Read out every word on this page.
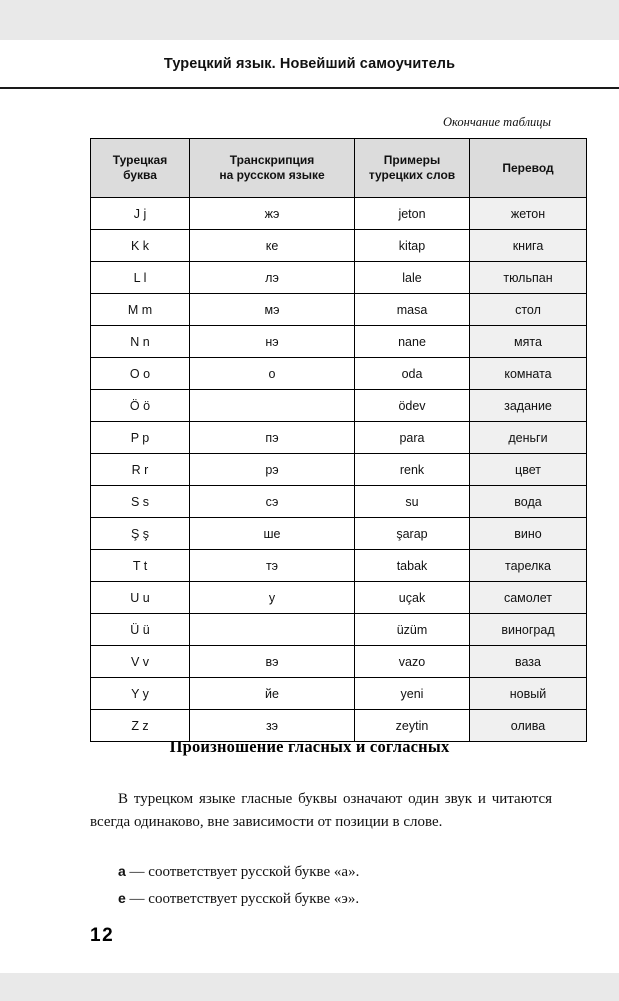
Турецкий язык. Новейший самоучитель
Окончание таблицы
Турецкая
буква

Транскрипция
на русском языке

Примеры
турецких слов

Перевод

J j	жэ	jeton	жетон
K k	ке	kitap	книга
L l	лэ	lale	тюльпан
M m	мэ	masa	стол
N n	нэ	nane	мята
O o	о	oda	комната
Ö ö		ödev	задание
P p	пэ	para	деньги
R r	рэ	renk	цвет
S s	сэ	su	вода
Ş ş	ше	şarap	вино
T t	тэ	tabak	тарелка
U u	у	uçak	самолет
Ü ü		üzüm	виноград
V v	вэ	vazo	ваза
Y y	йе	yeni	новый
Z z	зэ	zeytin	олива
Произношение гласных и согласных
В турецком языке гласные буквы означают один звук и читаются всегда одинаково, вне зависимости от позиции в слове.
a — соответствует русской букве «а».
e — соответствует русской букве «э».
12
